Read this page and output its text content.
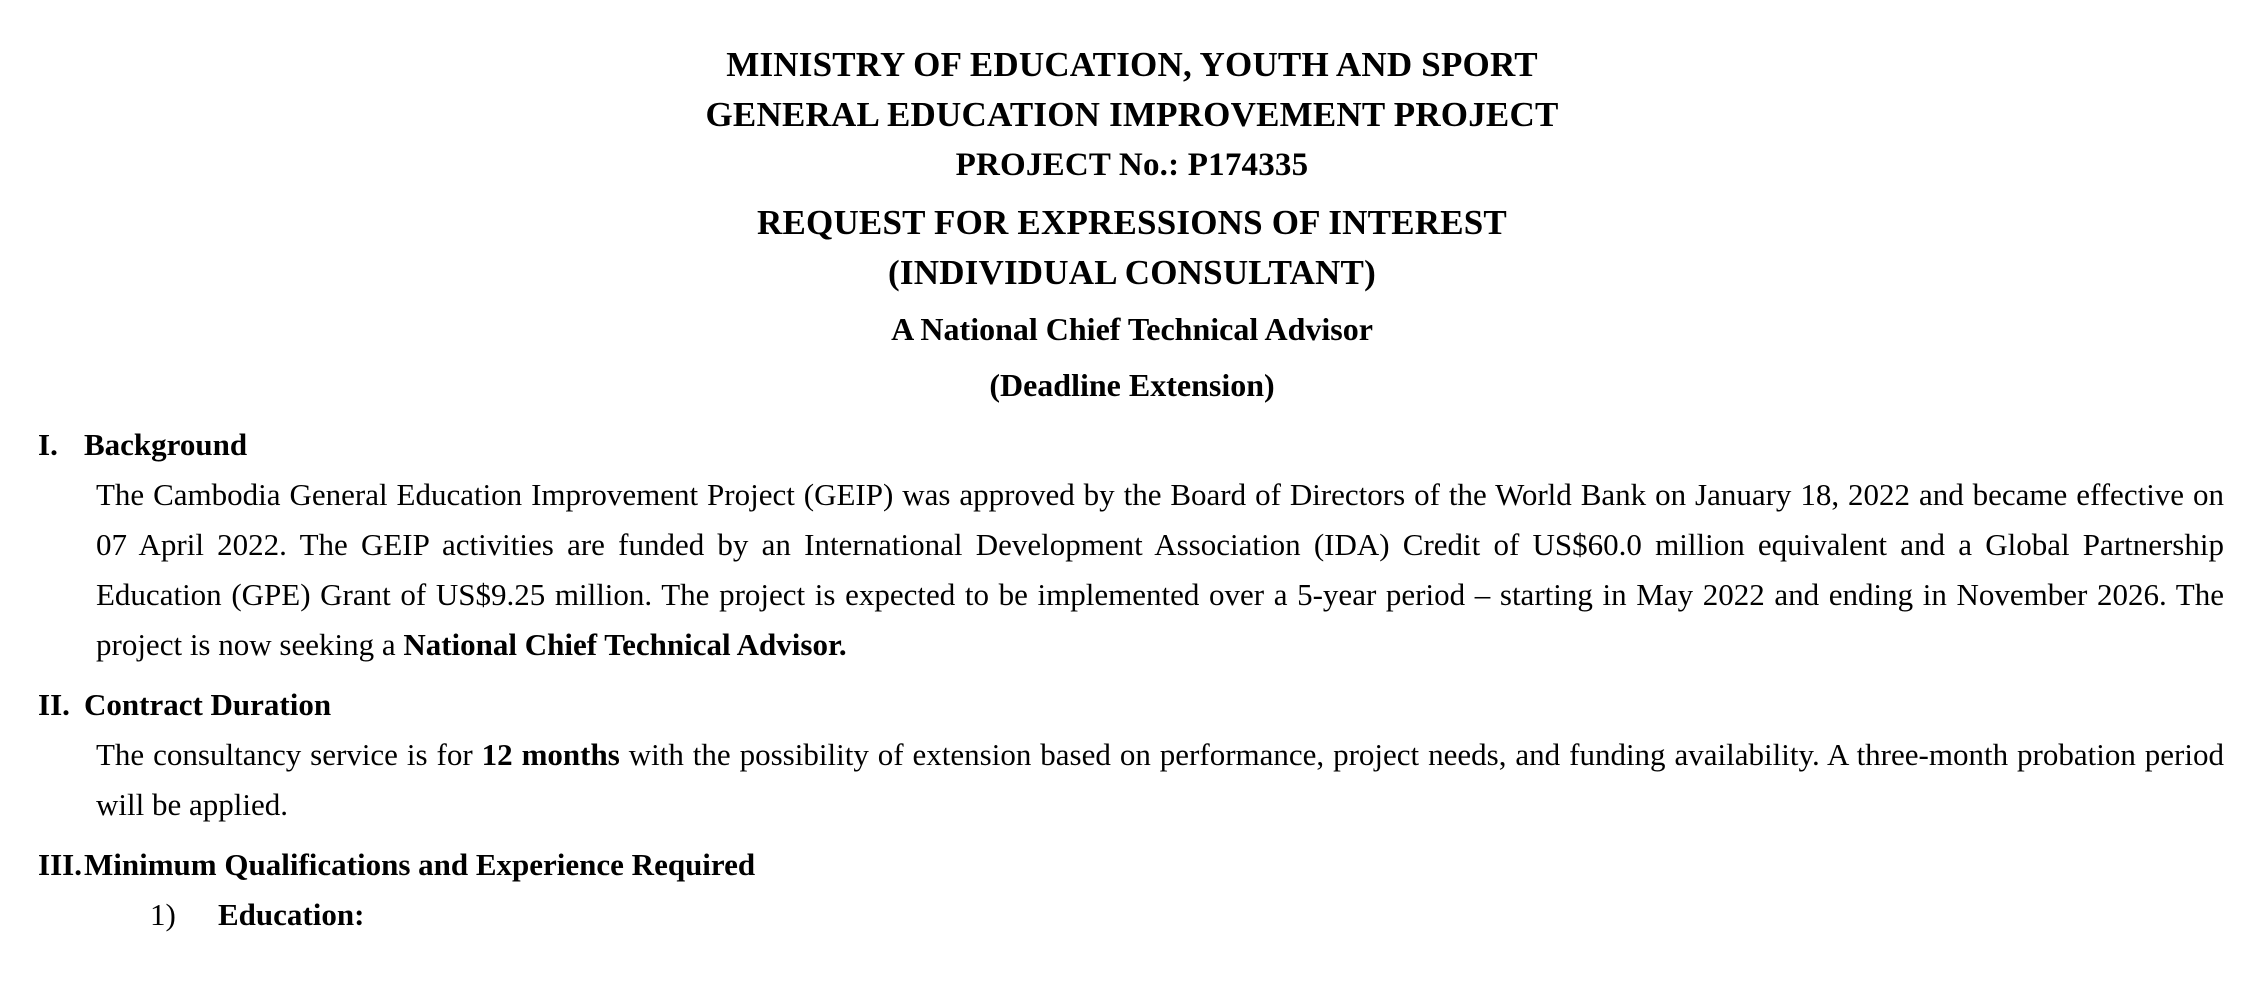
MINISTRY OF EDUCATION, YOUTH AND SPORT
GENERAL EDUCATION IMPROVEMENT PROJECT
PROJECT No.: P174335
REQUEST FOR EXPRESSIONS OF INTEREST
(INDIVIDUAL CONSULTANT)
A National Chief Technical Advisor
(Deadline Extension)
I. Background
The Cambodia General Education Improvement Project (GEIP) was approved by the Board of Directors of the World Bank on January 18, 2022 and became effective on 07 April 2022. The GEIP activities are funded by an International Development Association (IDA) Credit of US$60.0 million equivalent and a Global Partnership Education (GPE) Grant of US$9.25 million. The project is expected to be implemented over a 5-year period – starting in May 2022 and ending in November 2026. The project is now seeking a National Chief Technical Advisor.
II. Contract Duration
The consultancy service is for 12 months with the possibility of extension based on performance, project needs, and funding availability. A three-month probation period will be applied.
III. Minimum Qualifications and Experience Required
1)	Education:
